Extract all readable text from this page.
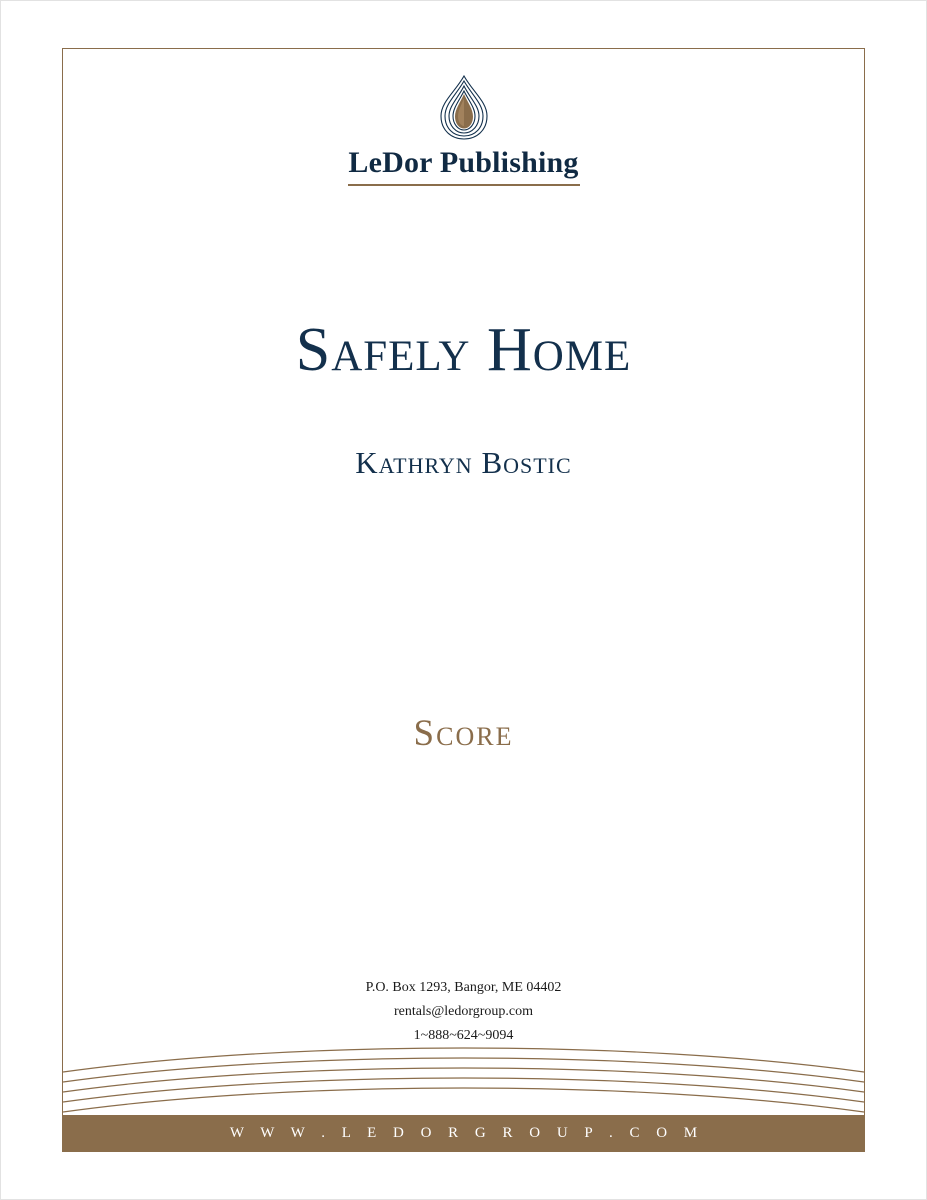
LeDor Publishing
Safely Home
Kathryn Bostic
Score
P.O. Box 1293, Bangor, ME 04402
rentals@ledorgroup.com
1~888~624~9094
W W W . L E D O R G R O U P . C O M
